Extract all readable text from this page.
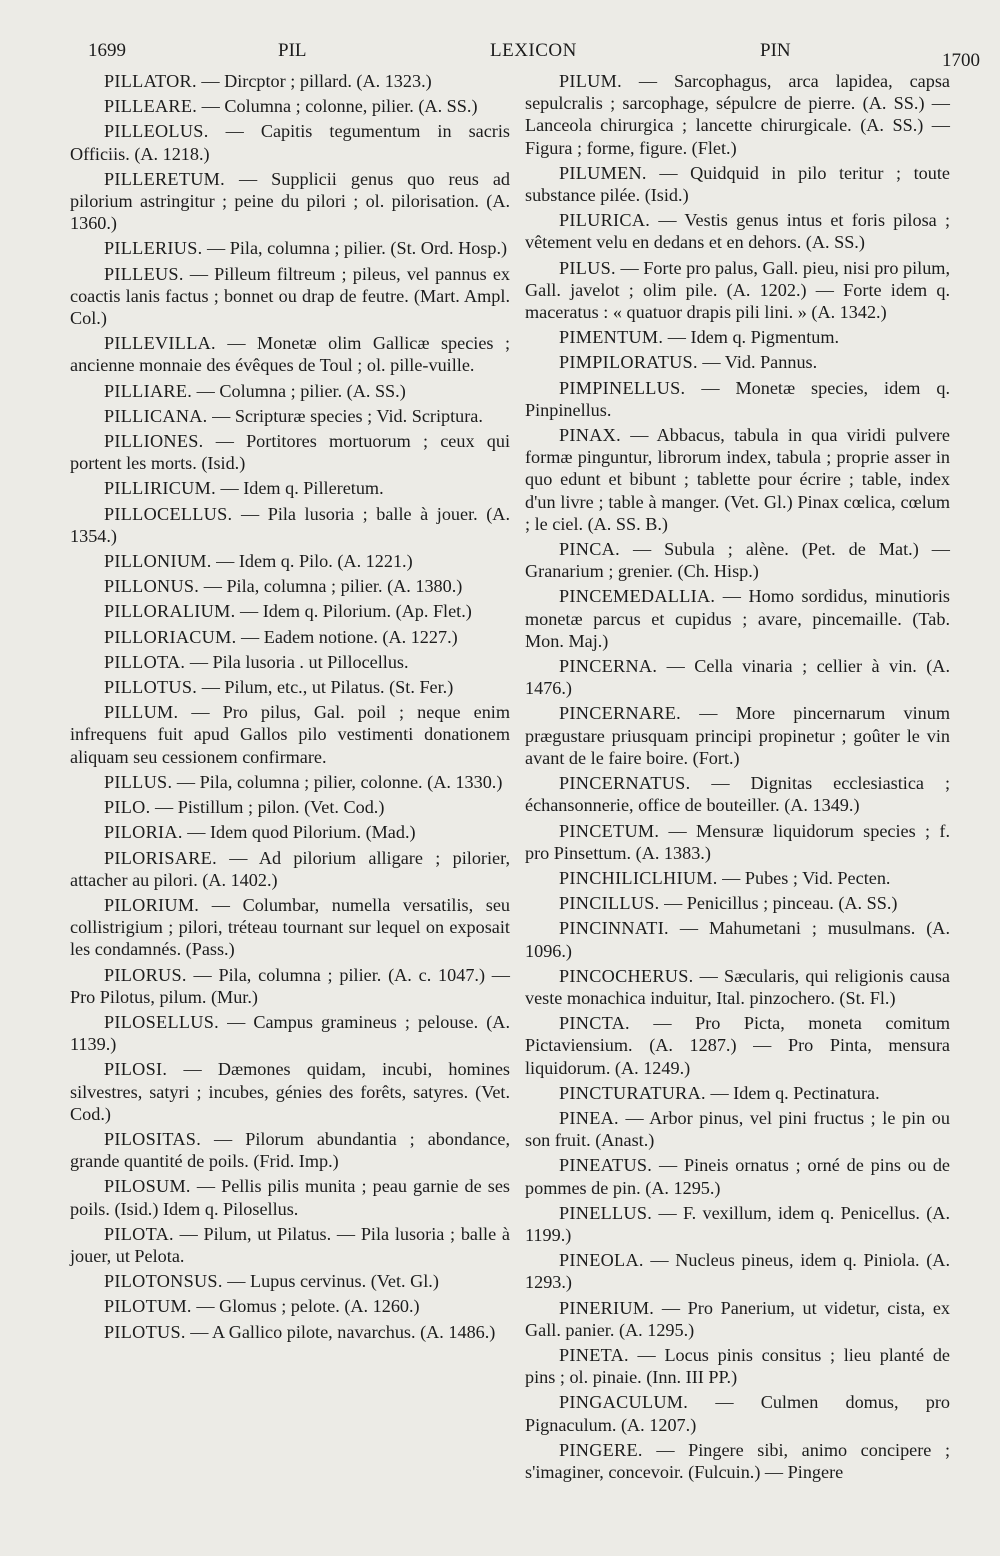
1699	PIL	LEXICON	PIN	1700

PILLATOR. — Dircptor ; pillard. (A. 1323.)

PILLEARE. — Columna ; colonne, pilier. (A. SS.)

PILLEOLUS. — Capitis tegumentum in sacris Officiis. (A. 1218.)

PILLERETUM. — Supplicii genus quo reus ad pilorium astringitur ; peine du pilori ; ol. pilorisation. (A. 1360.)

PILLERIUS. — Pila, columna ; pilier. (St. Ord. Hosp.)

PILLEUS. — Pilleum filtreum ; pileus, vel pannus ex coactis lanis factus ; bonnet ou drap de feutre. (Mart. Ampl. Col.)

PILLEVILLA. — Monetæ olim Gallicæ species ; ancienne monnaie des évêques de Toul ; ol. pille-vuille.

PILLIARE. — Columna ; pilier. (A. SS.)

PILLICANA. — Scripturæ species ; Vid. Scriptura.

PILLIONES. — Portitores mortuorum ; ceux qui portent les morts. (Isid.)

PILLIRICUM. — Idem q. Pilleretum.

PILLOCELLUS. — Pila lusoria ; balle à jouer. (A. 1354.)

PILLONIUM. — Idem q. Pilo. (A. 1221.)

PILLONUS. — Pila, columna ; pilier. (A. 1380.)

PILLORALIUM. — Idem q. Pilorium. (Ap. Flet.)

PILLORIACUM. — Eadem notione. (A. 1227.)

PILLOTA. — Pila lusoria . ut Pillocellus.

PILLOTUS. — Pilum, etc., ut Pilatus. (St. Fer.)

PILLUM. — Pro pilus, Gal. poil ; neque enim infrequens fuit apud Gallos pilo vestimenti donationem aliquam seu cessionem confirmare.

PILLUS. — Pila, columna ; pilier, colonne. (A. 1330.)

PILO. — Pistillum ; pilon. (Vet. Cod.)

PILORIA. — Idem quod Pilorium. (Mad.)

PILORISARE. — Ad pilorium alligare ; pilorier, attacher au pilori. (A. 1402.)

PILORIUM. — Columbar, numella versatilis, seu collistrigium ; pilori, tréteau tournant sur lequel on exposait les condamnés. (Pass.)

PILORUS. — Pila, columna ; pilier. (A. c. 1047.) — Pro Pilotus, pilum. (Mur.)

PILOSELLUS. — Campus gramineus ; pelouse. (A. 1139.)

PILOSI. — Dæmones quidam, incubi, homines silvestres, satyri ; incubes, génies des forêts, satyres. (Vet. Cod.)

PILOSITAS. — Pilorum abundantia ; abondance, grande quantité de poils. (Frid. Imp.)

PILOSUM. — Pellis pilis munita ; peau garnie de ses poils. (Isid.) Idem q. Pilosellus.

PILOTA. — Pilum, ut Pilatus. — Pila lusoria ; balle à jouer, ut Pelota.

PILOTONSUS. — Lupus cervinus. (Vet. Gl.)

PILOTUM. — Glomus ; pelote. (A. 1260.)

PILOTUS. — A Gallico pilote, navarchus. (A. 1486.)

PILUM. — Sarcophagus, arca lapidea, capsa sepulcralis ; sarcophage, sépulcre de pierre. (A. SS.) — Lanceola chirurgica ; lancette chirurgicale. (A. SS.) — Figura ; forme, figure. (Flet.)

PILUMEN. — Quidquid in pilo teritur ; toute substance pilée. (Isid.)

PILURICA. — Vestis genus intus et foris pilosa ; vêtement velu en dedans et en dehors. (A. SS.)

PILUS. — Forte pro palus, Gall. pieu, nisi pro pilum, Gall. javelot ; olim pile. (A. 1202.) — Forte idem q. maceratus : « quatuor drapis pili lini. » (A. 1342.)

PIMENTUM. — Idem q. Pigmentum.

PIMPILORATUS. — Vid. Pannus.

PIMPINELLUS. — Monetæ species, idem q. Pinpinellus.

PINAX. — Abbacus, tabula in qua viridi pulvere formæ pinguntur, librorum index, tabula ; proprie asser in quo edunt et bibunt ; tablette pour écrire ; table, index d'un livre ; table à manger. (Vet. Gl.) Pinax cœlica, cœlum ; le ciel. (A. SS. B.)

PINCA. — Subula ; alène. (Pet. de Mat.) — Granarium ; grenier. (Ch. Hisp.)

PINCEMEDALLIA. — Homo sordidus, minutioris monetæ parcus et cupidus ; avare, pincemaille. (Tab. Mon. Maj.)

PINCERNA. — Cella vinaria ; cellier à vin. (A. 1476.)

PINCERNARE. — More pincernarum vinum prægustare priusquam principi propinetur ; goûter le vin avant de le faire boire. (Fort.)

PINCERNATUS. — Dignitas ecclesiastica ; échansonnerie, office de bouteiller. (A. 1349.)

PINCETUM. — Mensuræ liquidorum species ; f. pro Pinsettum. (A. 1383.)

PINCHILICLHIUM. — Pubes ; Vid. Pecten.

PINCILLUS. — Penicillus ; pinceau. (A. SS.)

PINCINNATI. — Mahumetani ; musulmans. (A. 1096.)

PINCOCHERUS. — Sæcularis, qui religionis causa veste monachica induitur, Ital. pinzochero. (St. Fl.)

PINCTA. — Pro Picta, moneta comitum Pictaviensium. (A. 1287.) — Pro Pinta, mensura liquidorum. (A. 1249.)

PINCTURATURA. — Idem q. Pectinatura.

PINEA. — Arbor pinus, vel pini fructus ; le pin ou son fruit. (Anast.)

PINEATUS. — Pineis ornatus ; orné de pins ou de pommes de pin. (A. 1295.)

PINELLUS. — F. vexillum, idem q. Penicellus. (A. 1199.)

PINEOLA. — Nucleus pineus, idem q. Piniola. (A. 1293.)

PINERIUM. — Pro Panerium, ut videtur, cista, ex Gall. panier. (A. 1295.)

PINETA. — Locus pinis consitus ; lieu planté de pins ; ol. pinaie. (Inn. III PP.)

PINGACULUM. — Culmen domus, pro Pignaculum. (A. 1207.)

PINGERE. — Pingere sibi, animo concipere ; s'imaginer, concevoir. (Fulcuin.) — Pingere
